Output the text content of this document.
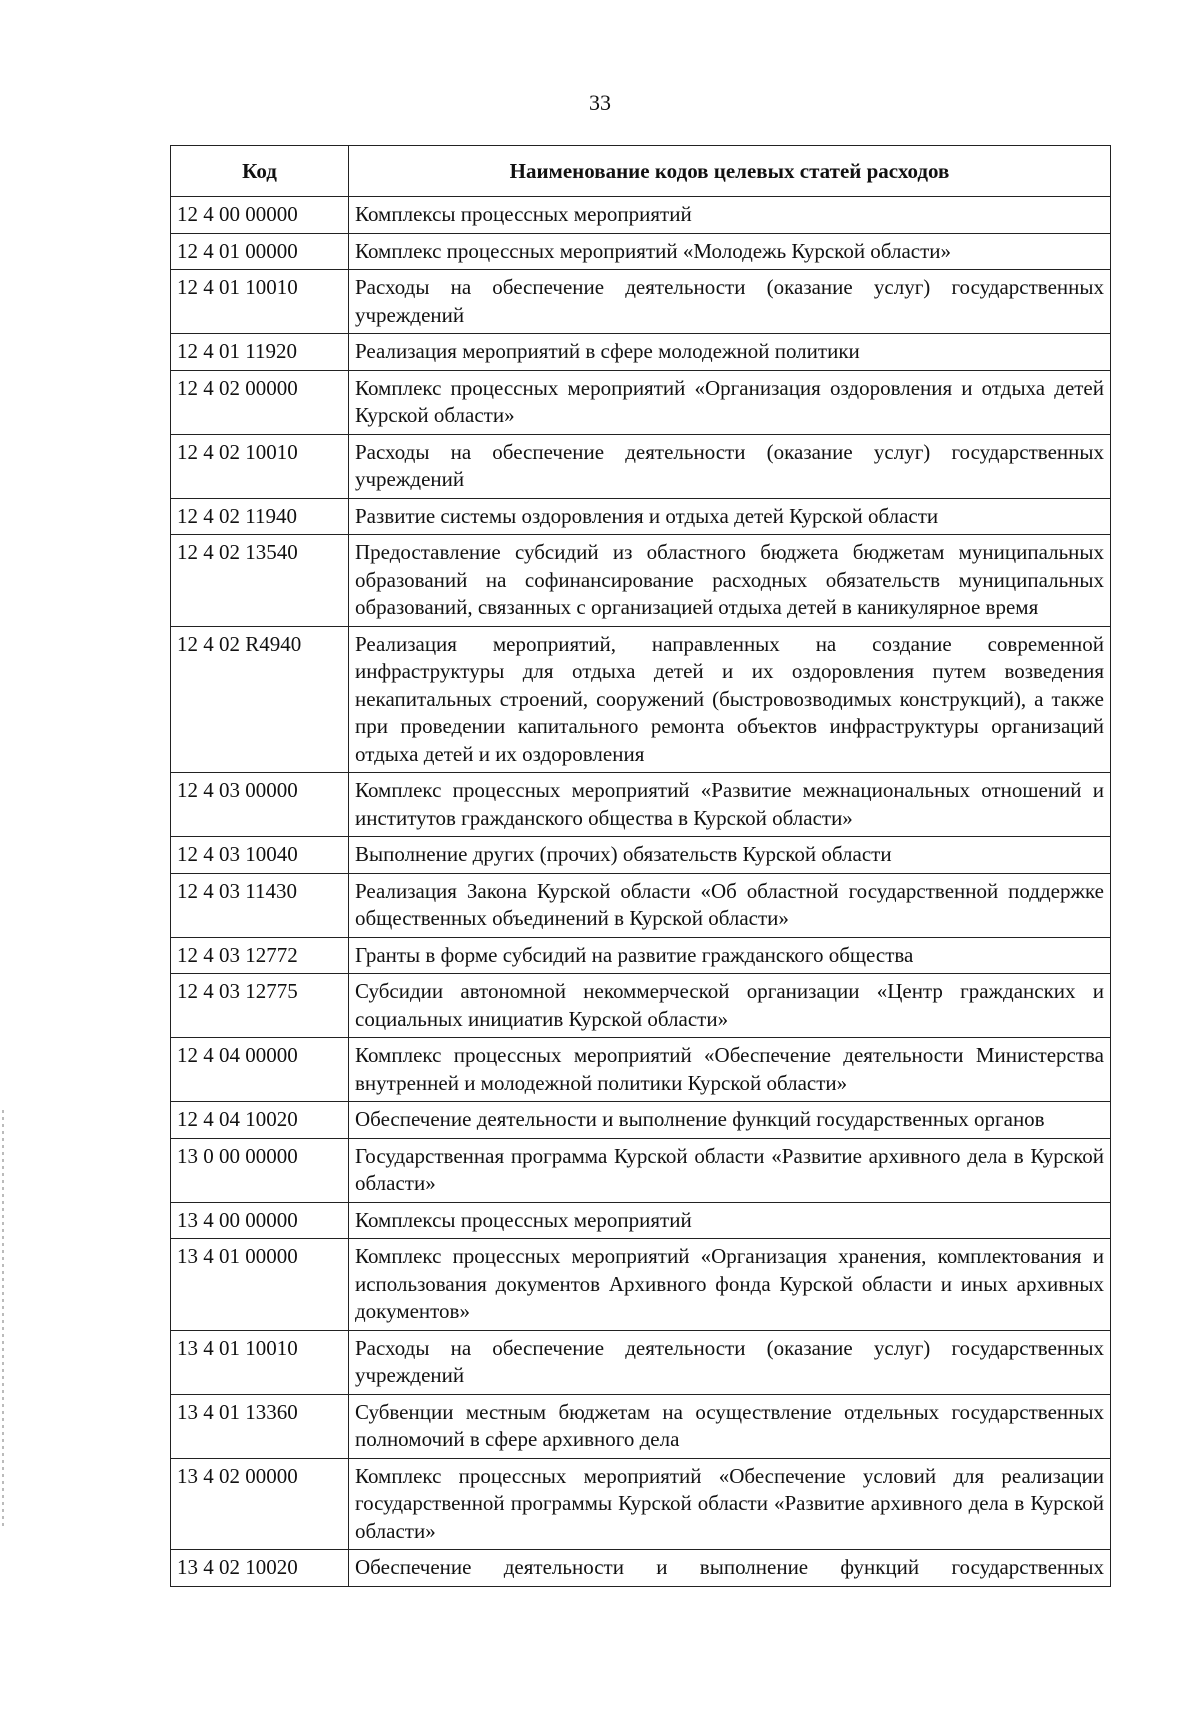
33
Код	Наименование кодов целевых статей расходов
12 4 00 00000	Комплексы процессных мероприятий
12 4 01 00000	Комплекс процессных мероприятий «Молодежь Курской области»
12 4 01 10010	Расходы на обеспечение деятельности (оказание услуг) государственных учреждений
12 4 01 11920	Реализация мероприятий в сфере молодежной политики
12 4 02 00000	Комплекс процессных мероприятий «Организация оздоровления и отдыха детей Курской области»
12 4 02 10010	Расходы на обеспечение деятельности (оказание услуг) государственных учреждений
12 4 02 11940	Развитие системы оздоровления и отдыха детей Курской области
12 4 02 13540	Предоставление субсидий из областного бюджета бюджетам муниципальных образований на софинансирование расходных обязательств муниципальных образований, связанных с организацией отдыха детей в каникулярное время
12 4 02 R4940	Реализация мероприятий, направленных на создание современной инфраструктуры для отдыха детей и их оздоровления путем возведения некапитальных строений, сооружений (быстровозводимых конструкций), а также при проведении капитального ремонта объектов инфраструктуры организаций отдыха детей и их оздоровления
12 4 03 00000	Комплекс процессных мероприятий «Развитие межнациональных отношений и институтов гражданского общества в Курской области»
12 4 03 10040	Выполнение других (прочих) обязательств Курской области
12 4 03 11430	Реализация Закона Курской области «Об областной государственной поддержке общественных объединений в Курской области»
12 4 03 12772	Гранты в форме субсидий на развитие гражданского общества
12 4 03 12775	Субсидии автономной некоммерческой организации «Центр гражданских и социальных инициатив Курской области»
12 4 04 00000	Комплекс процессных мероприятий «Обеспечение деятельности Министерства внутренней и молодежной политики Курской области»
12 4 04 10020	Обеспечение деятельности и выполнение функций государственных органов
13 0 00 00000	Государственная программа Курской области «Развитие архивного дела в Курской области»
13 4 00 00000	Комплексы процессных мероприятий
13 4 01 00000	Комплекс процессных мероприятий «Организация хранения, комплектования и использования документов Архивного фонда Курской области и иных архивных документов»
13 4 01 10010	Расходы на обеспечение деятельности (оказание услуг) государственных учреждений
13 4 01 13360	Субвенции местным бюджетам на осуществление отдельных государственных полномочий в сфере архивного дела
13 4 02 00000	Комплекс процессных мероприятий «Обеспечение условий для реализации государственной программы Курской области «Развитие архивного дела в Курской области»
13 4 02 10020	Обеспечение деятельности и выполнение функций государственных
